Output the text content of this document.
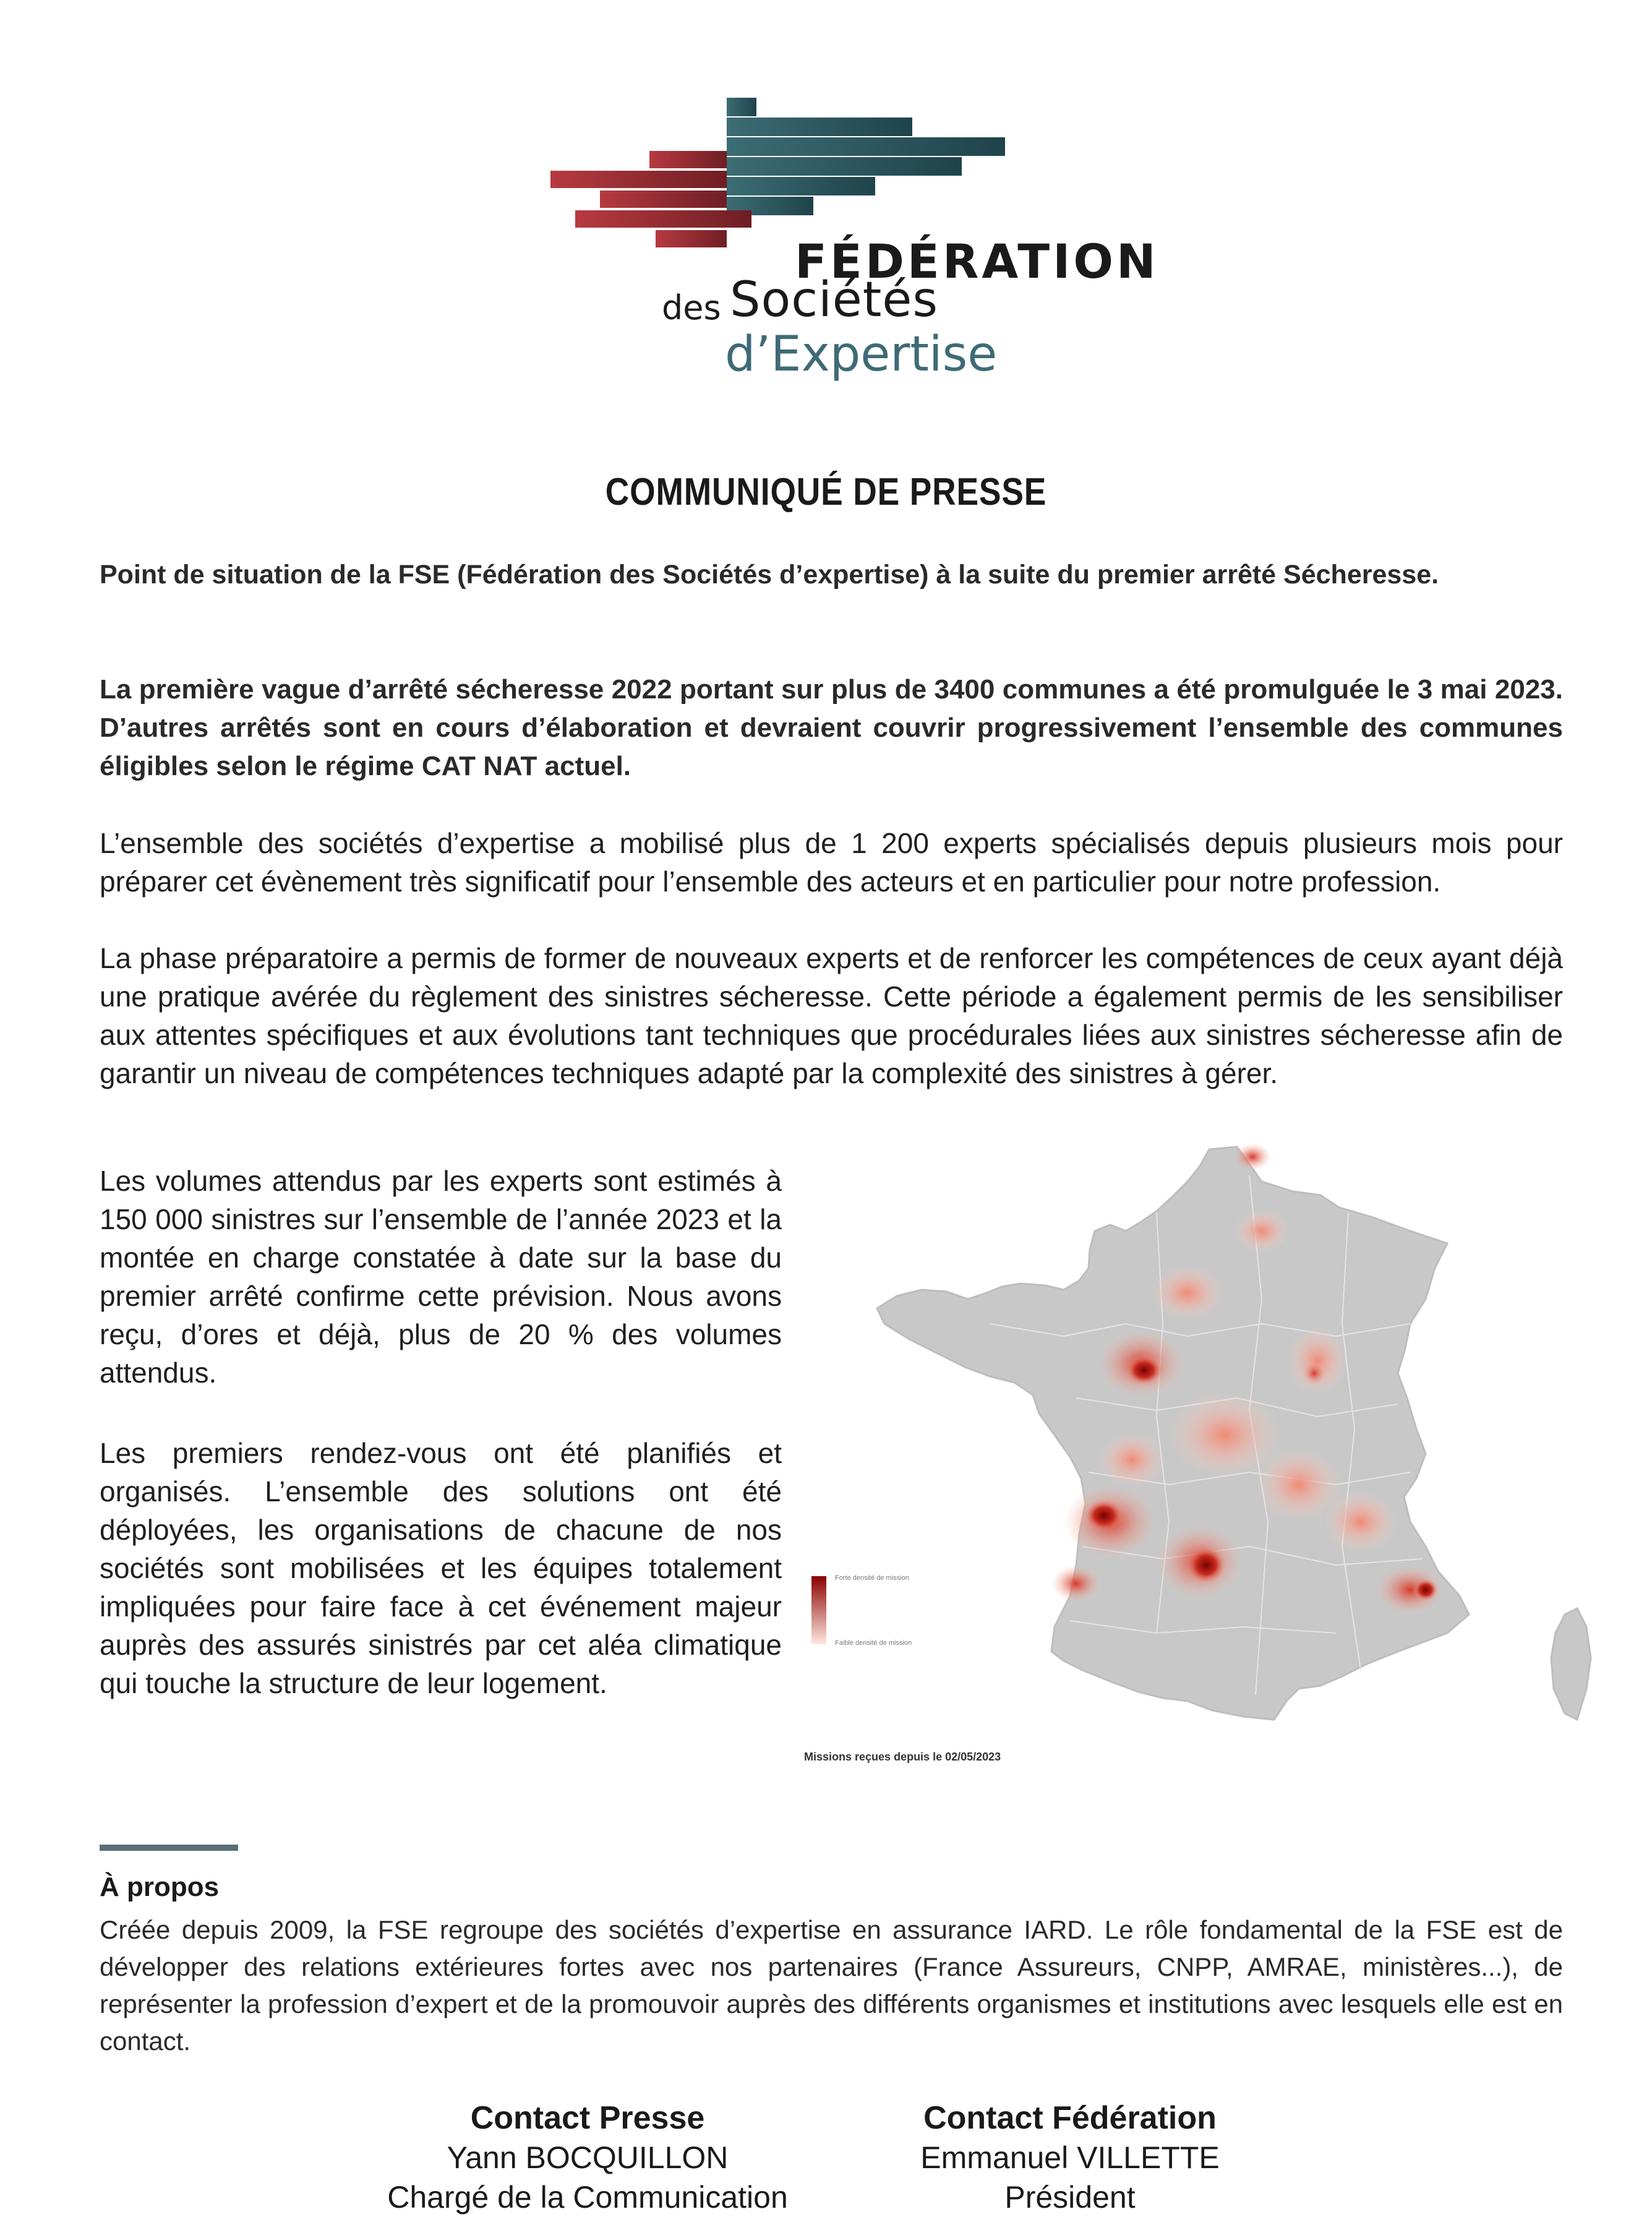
FÉDÉRATION
des Sociétés
d’Expertise
COMMUNIQUÉ DE PRESSE
Point de situation de la FSE (Fédération des Sociétés d’expertise) à la suite du premier arrêté Sécheresse.
La première vague d’arrêté sécheresse 2022 portant sur plus de 3400 communes a été promulguée le 3 mai 2023. D’autres arrêtés sont en cours d’élaboration et devraient couvrir progressivement l’ensemble des communes éligibles selon le régime CAT NAT actuel.
L’ensemble des sociétés d’expertise a mobilisé plus de 1 200 experts spécialisés depuis plusieurs mois pour préparer cet évènement très significatif pour l’ensemble des acteurs et en particulier pour notre profession.
La phase préparatoire a permis de former de nouveaux experts et de renforcer les compétences de ceux ayant déjà une pratique avérée du règlement des sinistres sécheresse. Cette période a également permis de les sensibiliser aux attentes spécifiques et aux évolutions tant techniques que procédurales liées aux sinistres sécheresse afin de garantir un niveau de compétences techniques adapté par la complexité des sinistres à gérer.
Les volumes attendus par les experts sont estimés à 150 000 sinistres sur l’ensemble de l’année 2023 et la montée en charge constatée à date sur la base du premier arrêté confirme cette prévision. Nous avons reçu, d’ores et déjà, plus de 20 % des volumes attendus.
Les premiers rendez-vous ont été planifiés et organisés. L’ensemble des solutions ont été déployées, les organisations de chacune de nos sociétés sont mobilisées et les équipes totalement impliquées pour faire face à cet événement majeur auprès des assurés sinistrés par cet aléa climatique qui touche la structure de leur logement.
Forte densité de mission
Faible densité de mission
Missions reçues depuis le 02/05/2023
À propos
Créée depuis 2009, la FSE regroupe des sociétés d’expertise en assurance IARD. Le rôle fondamental de la FSE est de développer des relations extérieures fortes avec nos partenaires (France Assureurs, CNPP, AMRAE, ministères...), de représenter la profession d’expert et de la promouvoir auprès des différents organismes et institutions avec lesquels elle est en contact.
Contact Presse
Yann BOCQUILLON
Chargé de la Communication
Contact Fédération
Emmanuel VILLETTE
Président
